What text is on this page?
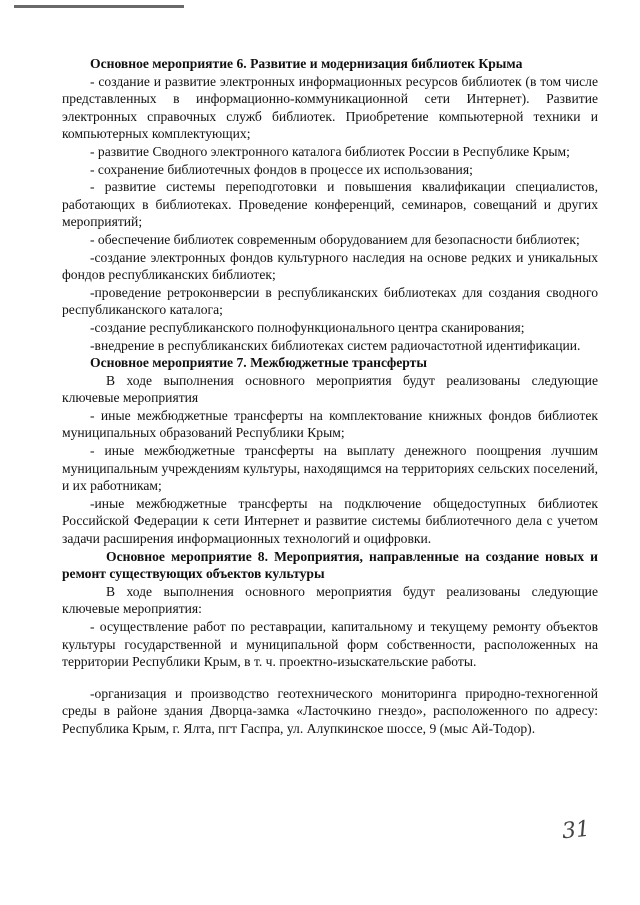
Основное мероприятие 6. Развитие и модернизация библиотек Крыма

- создание и развитие электронных информационных ресурсов библиотек (в том числе представленных в информационно-коммуникационной сети Интернет). Развитие электронных справочных служб библиотек. Приобретение компьютерной техники и компьютерных комплектующих;

- развитие Сводного электронного каталога библиотек России в Республике Крым;

- сохранение библиотечных фондов в процессе их использования;

- развитие системы переподготовки и повышения квалификации специалистов, работающих в библиотеках. Проведение конференций, семинаров, совещаний и других мероприятий;

- обеспечение библиотек современным оборудованием для безопасности библиотек;

-создание электронных фондов культурного наследия на основе редких и уникальных фондов республиканских библиотек;

-проведение ретроконверсии в республиканских библиотеках для создания сводного республиканского каталога;

-создание республиканского полнофункционального центра сканирования;

-внедрение в республиканских библиотеках систем радиочастотной идентификации.

Основное мероприятие 7. Межбюджетные трансферты

В ходе выполнения основного мероприятия будут реализованы следующие ключевые мероприятия

- иные межбюджетные трансферты на комплектование книжных фондов библиотек муниципальных образований Республики Крым;

- иные межбюджетные трансферты на выплату денежного поощрения лучшим муниципальным учреждениям культуры, находящимся на территориях сельских поселений, и их работникам;

-иные межбюджетные трансферты на подключение общедоступных библиотек Российской Федерации к сети Интернет и развитие системы библиотечного дела с учетом задачи расширения информационных технологий и оцифровки.

Основное мероприятие 8. Мероприятия, направленные на создание новых и ремонт существующих объектов культуры

В ходе выполнения основного мероприятия будут реализованы следующие ключевые мероприятия:

- осуществление работ по реставрации, капитальному и текущему ремонту объектов культуры государственной и муниципальной форм собственности, расположенных на территории Республики Крым, в т. ч. проектно-изыскательские работы.

-организация и производство геотехнического мониторинга природно-техногенной среды в районе здания Дворца-замка «Ласточкино гнездо», расположенного по адресу: Республика Крым, г. Ялта, пгт Гаспра, ул. Алупкинское шоссе, 9 (мыс Ай-Тодор).

31
